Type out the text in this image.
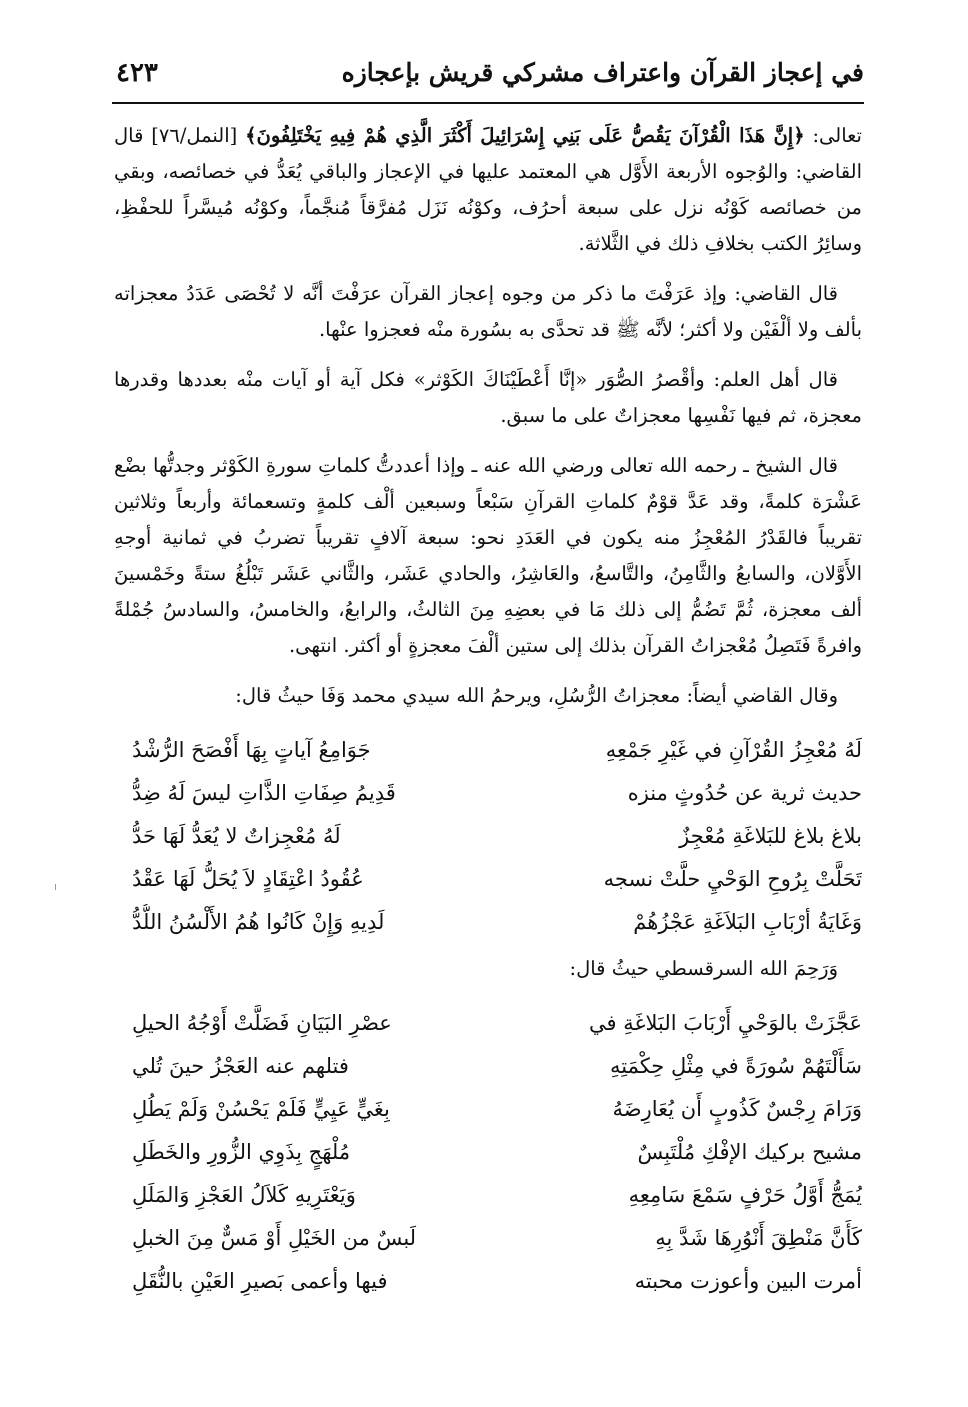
في إعجاز القرآن واعتراف مشركي قريش بإعجازه
٤٢٣

تعالى: ﴿إِنَّ هَذَا الْقُرْآنَ يَقُصُّ عَلَى بَنِي إِسْرَائِيلَ أَكْثَرَ الَّذِي هُمْ فِيهِ يَخْتَلِفُونَ﴾ [النمل/٧٦] قال القاضي: والوُجوه الأربعة الأَوَّل هي المعتمد عليها في الإعجاز والباقي يُعَدُّ في خصائصه، وبقي من خصائصه كَوْنُه نزل على سبعة أحرُف، وكوْنُه نَزَل مُفرَّقاً مُنجَّماً، وكوْنُه مُيسَّراً للحفْظِ، وسائِرُ الكتب بخلافِ ذلك في الثَّلاثة.

قال القاضي: وإذ عَرَفْتَ ما ذكر من وجوه إعجاز القرآن عرَفْتَ أنَّه لا تُحْصَى عَدَدُ معجزاته بألف ولا ألْفَيْن ولا أكثر؛ لأنَّه ﷺ قد تحدَّى به بسُورة منْه فعجزوا عنْها.

قال أهل العلم: وأقْصرُ الصُّوَر «إنَّا أَعْطَيْنَاكَ الكَوْثر» فكل آية أو آيات منْه بعددها وقدرها معجزة، ثم فيها نَفْسِها معجزاتٌ على ما سبق.

قال الشيخ ـ رحمه الله تعالى ورضي الله عنه ـ وإذا أعددتُّ كلماتِ سورةِ الكَوْثر وجدتُّها بضْع عَشْرَة كلمةً، وقد عَدَّ قوْمٌ كلماتِ القرآنِ سَبْعاً وسبعين ألْف كلمةٍ وتسعمائة وأربعاً وثلاثين تقريباً فالقَدْرُ المُعْجِزُ منه يكون في العَدَدِ نحو: سبعة آلافٍ تقريباً تضربُ في ثمانية أوجهِ الأَوَّلان، والسابعُ والثَّامِنُ، والتَّاسعُ، والعَاشِرُ، والحادي عَشَر، والثَّاني عَشَر تَبْلُغُ ستةً وخَمْسينَ ألف معجزة، ثُمَّ تَضُمُّ إلى ذلك مَا في بعضِهِ مِنَ الثالثُ، والرابعُ، والخامسُ، والسادسُ جُمْلةً وافرةً فَتَصِلُ مُعْجزاتُ القرآن بذلك إلى ستين ألْفَ معجزةٍ أو أكثر. انتهى.

وقال القاضي أيضاً: معجزاتُ الرُّسُلِ، ويرحمُ الله سيدي محمد وَفَا حيثُ قال:

لَهُ مُعْجِزُ القُرْآنِ في غَيْرِ جَمْعِهِ
جَوَامِعُ آياتٍ بِهَا أَفْصَحَ الرُّشْدُ
حديث ثرية عن حُدُوثٍ منزه
قَدِيمُ صِفَاتِ الذَّاتِ ليسَ لَهُ ضِدُّ
بلاغ بلاغ للبَلاغَةِ مُعْجِزٌ
لَهُ مُعْجِزاتٌ لا يُعَدُّ لَهَا حَدُّ
تَحَلَّتْ بِرُوحِ الوَحْيِ حلَّتْ نسجه
عُقُودُ اعْتِقَادٍ لاَ يُحَلُّ لَهَا عَقْدُ
وَغَايَةُ أرْبَابِ البَلاَغَةِ عَجْزُهُمْ
لَدِيهِ وَإِنْ كَانُوا هُمُ الأَلْسُنُ اللُّدُّ

وَرَحِمَ الله السرقسطي حيثُ قال:

عَجَّزَتْ بالوَحْيِ أَرْبَابَ البَلاغَةِ في
عصْرِ البَيَانِ فَضَلَّتْ أَوْجُهُ الحيلِ
سَأَلْتَهُمْ سُورَةً في مِثْلِ حِكْمَتِهِ
فتلهم عنه العَجْزُ حينَ تُلي
وَرَامَ رِجْسٌ كَذُوبٍ أَن يُعَارِضَهُ
بِغَيٍّ عَيِيٍّ فَلَمْ يَحْسُنْ وَلَمْ يَطُلِ
مشيح بركيك الإفْكِ مُلْتَبِسٌ
مُلْهَجٍ بِذَوِي الزُّورِ والخَطَلِ
يُمَجُّ أَوَّلُ حَرْفٍ سَمْعَ سَامِعِهِ
وَيَعْتَرِيهِ كَلاَلُ العَجْزِ وَالمَلَلِ
كَأَنَّ مَنْطِقَ أَنْوُرِهَا شَدَّ بِهِ
لَبسٌ من الخَيْلِ أَوْ مَسٌّ مِنَ الخبلِ
أمرت البين وأعوزت محبته
فيها وأعمى بَصيرِ العَيْنِ بالنُّقَلِ
